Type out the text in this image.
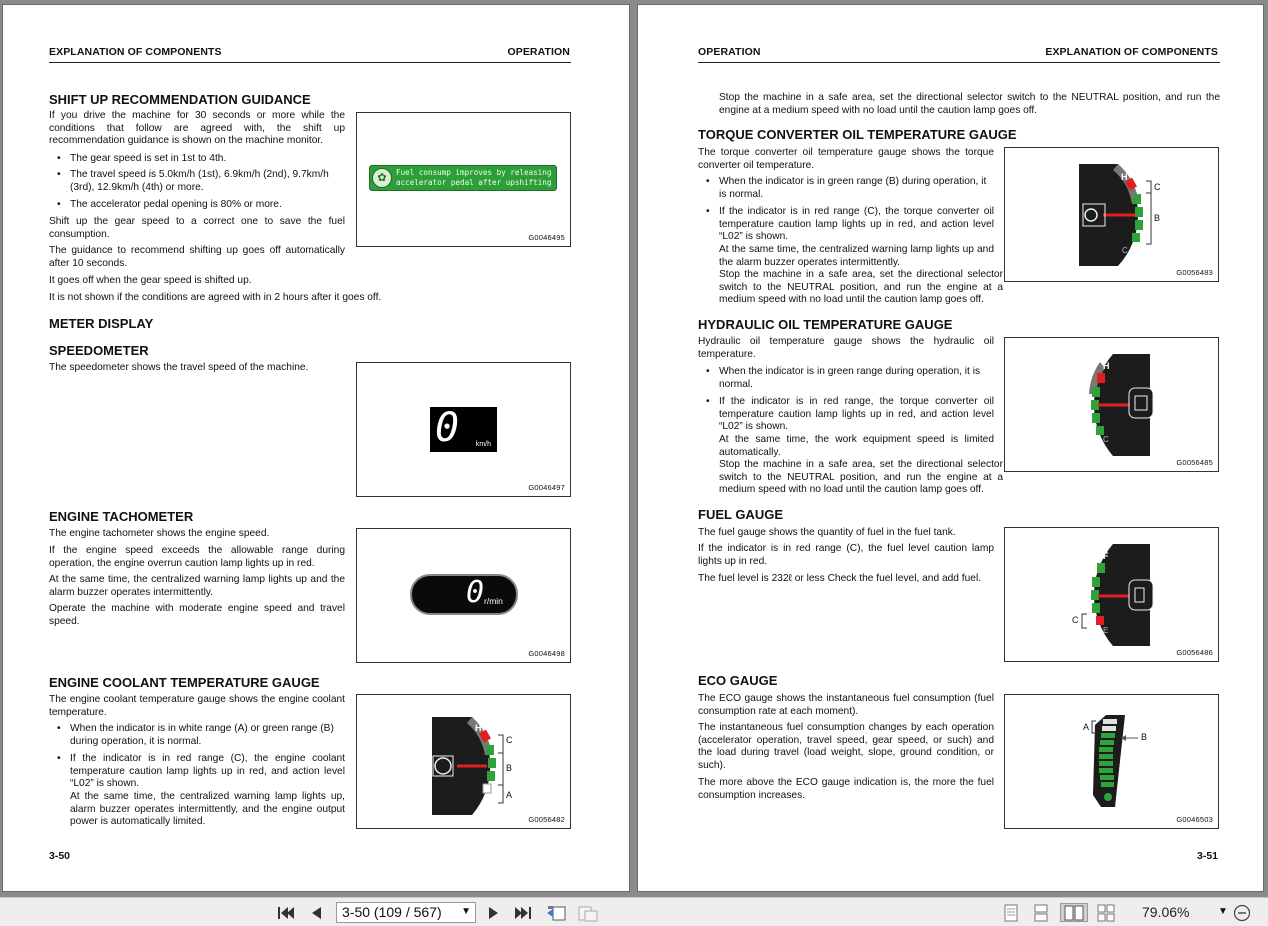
EXPLANATION OF COMPONENTS	OPERATION
SHIFT UP RECOMMENDATION GUIDANCE
If you drive the machine for 30 seconds or more while the conditions that follow are agreed with, the shift up recommendation guidance is shown on the machine monitor.
• The gear speed is set in 1st to 4th.
• The travel speed is 5.0km/h (1st), 6.9km/h (2nd), 9.7km/h (3rd), 12.9km/h (4th) or more.
• The accelerator pedal opening is 80% or more.
Shift up the gear speed to a correct one to save the fuel consumption.
The guidance to recommend shifting up goes off automatically after 10 seconds.
It goes off when the gear speed is shifted up.
It is not shown if the conditions are agreed with in 2 hours after it goes off.
✿	Fuel consump improves by releasing
accelerator pedal after upshifting
G0046495
METER DISPLAY
SPEEDOMETER
The speedometer shows the travel speed of the machine.
0 km/h
G0046497
ENGINE TACHOMETER
The engine tachometer shows the engine speed.
If the engine speed exceeds the allowable range during operation, the engine overrun caution lamp lights up in red.
At the same time, the centralized warning lamp lights up and the alarm buzzer operates intermittently.
Operate the machine with moderate engine speed and travel speed.
0 r/min
G0046498
ENGINE COOLANT TEMPERATURE GAUGE
The engine coolant temperature gauge shows the engine coolant temperature.
• When the indicator is in white range (A) or green range (B) during operation, it is normal.
• If the indicator is in red range (C), the engine coolant temperature caution lamp lights up in red, and action level “L02” is shown.
At the same time, the centralized warning lamp lights up, alarm buzzer operates intermittently, and the engine output power is automatically limited.
H
C
B
A
G0056482
3-50
OPERATION	EXPLANATION OF COMPONENTS
Stop the machine in a safe area, set the directional selector switch to the NEUTRAL position, and run the engine at a medium speed with no load until the caution lamp goes off.
TORQUE CONVERTER OIL TEMPERATURE GAUGE
The torque converter oil temperature gauge shows the torque converter oil temperature.
• When the indicator is in green range (B) during operation, it is normal.
• If the indicator is in red range (C), the torque converter oil temperature caution lamp lights up in red, and action level “L02” is shown.
At the same time, the centralized warning lamp lights up and the alarm buzzer operates intermittently.
Stop the machine in a safe area, set the directional selector switch to the NEUTRAL position, and run the engine at a medium speed with no load until the caution lamp goes off.
H
C
C
B
G0056483
HYDRAULIC OIL TEMPERATURE GAUGE
Hydraulic oil temperature gauge shows the hydraulic oil temperature.
• When the indicator is in green range during operation, it is normal.
• If the indicator is in red range, the torque converter oil temperature caution lamp lights up in red, and action level “L02” is shown.
At the same time, the work equipment speed is limited automatically.
Stop the machine in a safe area, set the directional selector switch to the NEUTRAL position, and run the engine at a medium speed with no load until the caution lamp goes off.
H
C
G0056485
FUEL GAUGE
The fuel gauge shows the quantity of fuel in the fuel tank.
If the indicator is in red range (C), the fuel level caution lamp lights up in red.
The fuel level is 232ℓ or less Check the fuel level, and add fuel.
F
E
C
G0056486
ECO GAUGE
The ECO gauge shows the instantaneous fuel consumption (fuel consumption rate at each moment).
The instantaneous fuel consumption changes by each operation (accelerator operation, travel speed, gear speed, or such) and the load during travel (load weight, slope, ground condition, or such).
The more above the ECO gauge indication is, the more the fuel consumption increases.
A
B
G0046503
3-51
3-50 (109 / 567) ▼	79.06%	▼
